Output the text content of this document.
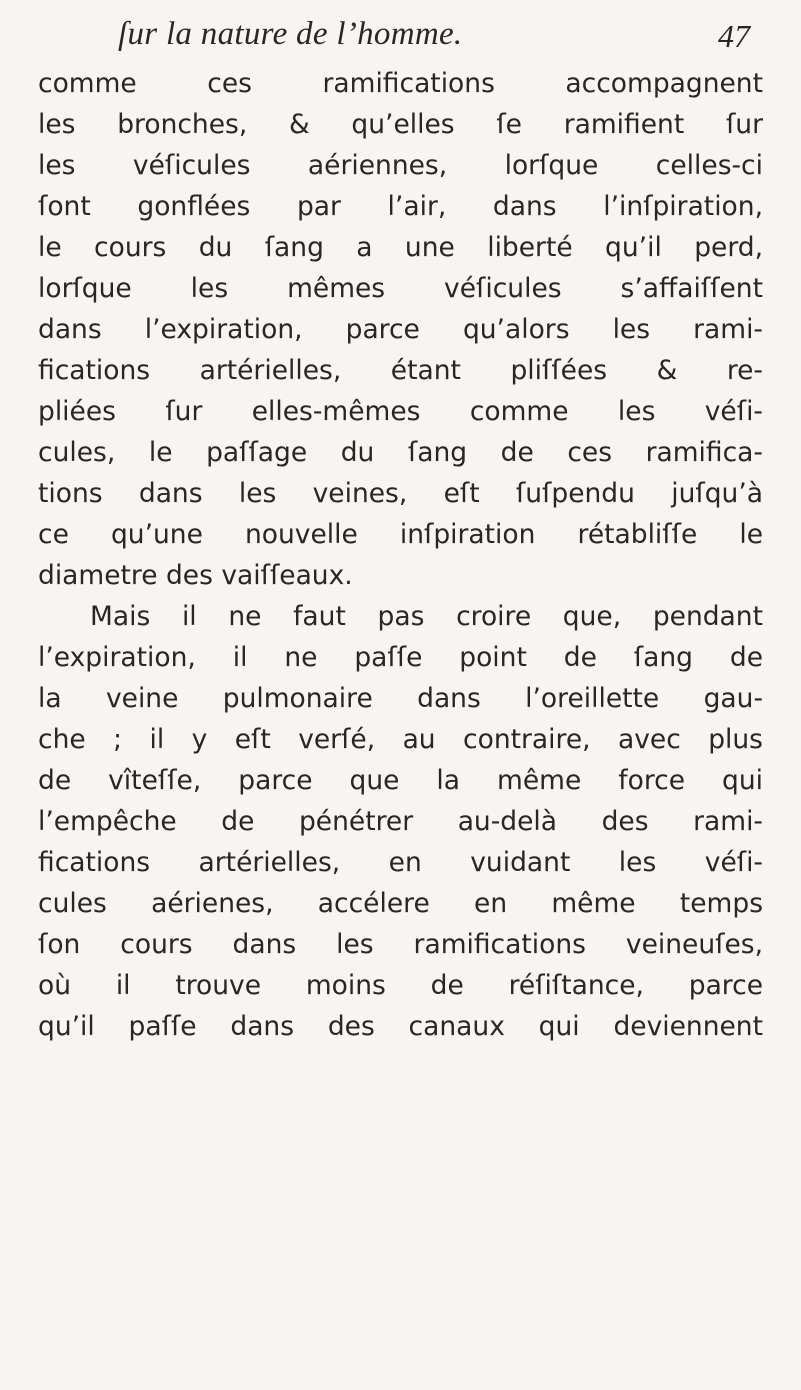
ſur la nature de l’homme.	47
comme ces ramifications accompagnent
les bronches, & qu’elles ſe ramifient ſur
les véſicules aériennes, lorſque celles-ci
ſont gonflées par l’air, dans l’inſpiration,
le cours du ſang a une liberté qu’il perd,
lorſque les mêmes véſicules s’affaiſſent
dans l’expiration, parce qu’alors les rami-
fications artérielles, étant pliſſées & re-
pliées ſur elles-mêmes comme les véſi-
cules, le paſſage du ſang de ces ramifica-
tions dans les veines, eſt ſuſpendu juſqu’à
ce qu’une nouvelle inſpiration rétabliſſe le
diametre des vaiſſeaux.
Mais il ne faut pas croire que, pendant
l’expiration, il ne paſſe point de ſang de
la veine pulmonaire dans l’oreillette gau-
che ; il y eſt verſé, au contraire, avec plus
de vîteſſe, parce que la même force qui
l’empêche de pénétrer au-delà des rami-
fications artérielles, en vuidant les véſi-
cules aérienes, accélere en même temps
ſon cours dans les ramifications veineuſes,
où il trouve moins de réſiſtance, parce
qu’il paſſe dans des canaux qui deviennent
